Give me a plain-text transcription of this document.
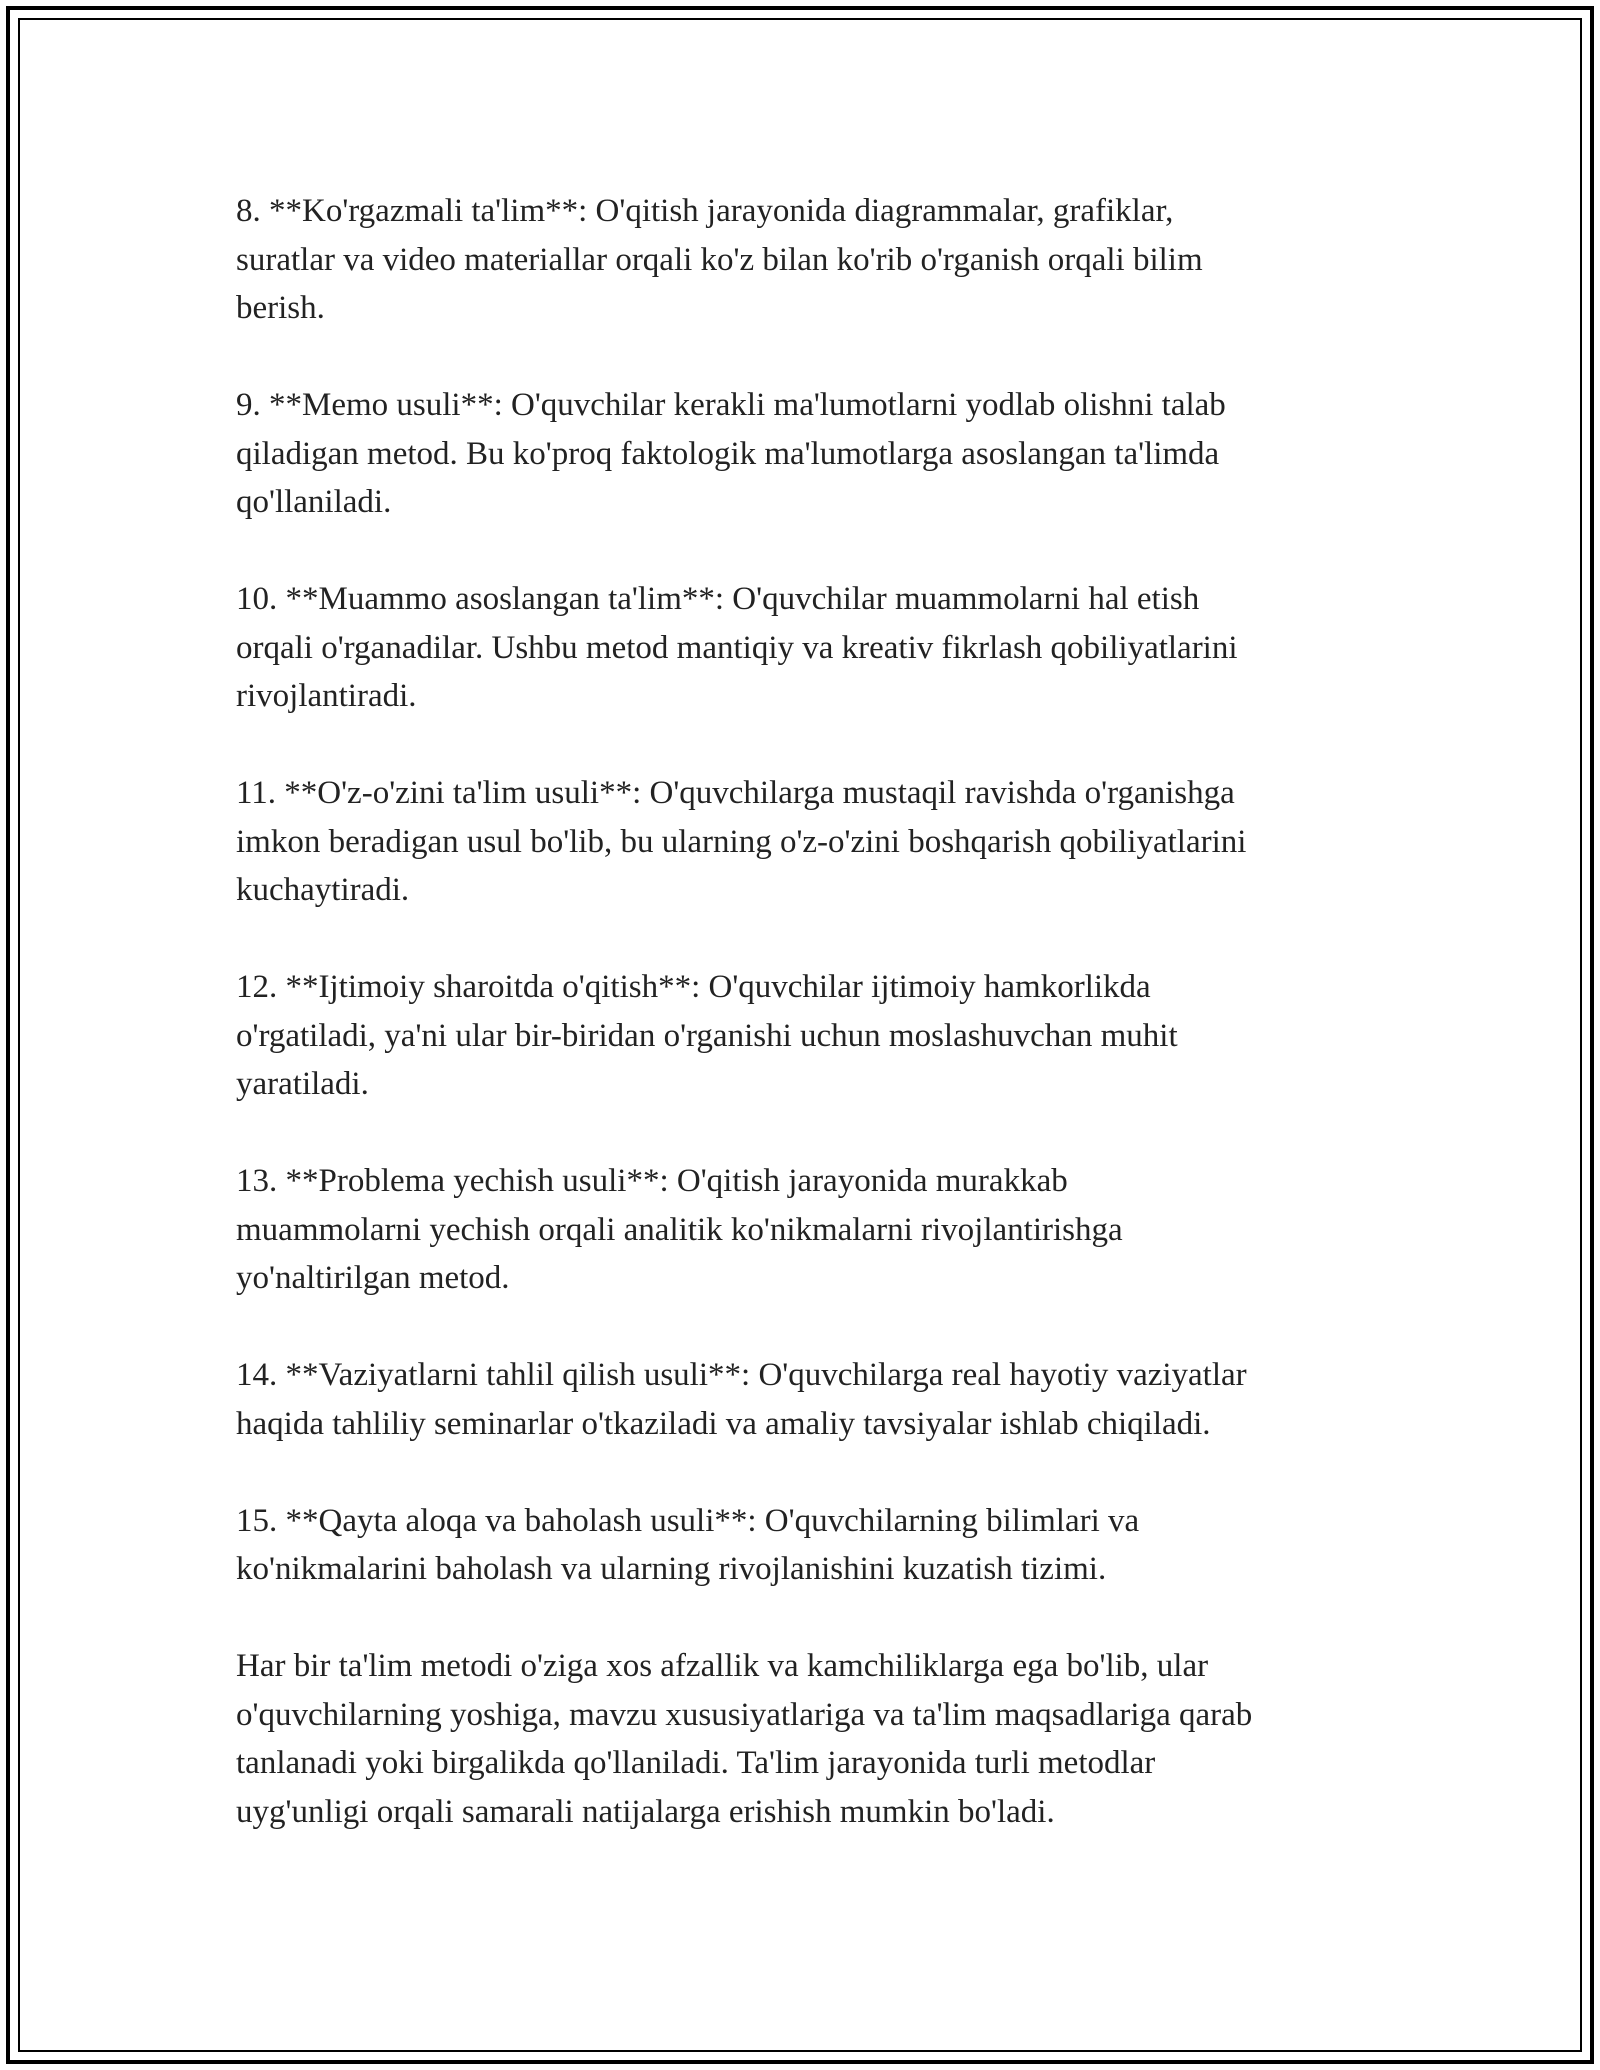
8. **Ko'rgazmali ta'lim**: O'qitish jarayonida diagrammalar, grafiklar,
suratlar va video materiallar orqali ko'z bilan ko'rib o'rganish orqali bilim
berish.

9. **Memo usuli**: O'quvchilar kerakli ma'lumotlarni yodlab olishni talab
qiladigan metod. Bu ko'proq faktologik ma'lumotlarga asoslangan ta'limda
qo'llaniladi.

10. **Muammo asoslangan ta'lim**: O'quvchilar muammolarni hal etish
orqali o'rganadilar. Ushbu metod mantiqiy va kreativ fikrlash qobiliyatlarini
rivojlantiradi.

11. **O'z-o'zini ta'lim usuli**: O'quvchilarga mustaqil ravishda o'rganishga
imkon beradigan usul bo'lib, bu ularning o'z-o'zini boshqarish qobiliyatlarini
kuchaytiradi.

12. **Ijtimoiy sharoitda o'qitish**: O'quvchilar ijtimoiy hamkorlikda
o'rgatiladi, ya'ni ular bir-biridan o'rganishi uchun moslashuvchan muhit
yaratiladi.

13. **Problema yechish usuli**: O'qitish jarayonida murakkab
muammolarni yechish orqali analitik ko'nikmalarni rivojlantirishga
yo'naltirilgan metod.

14. **Vaziyatlarni tahlil qilish usuli**: O'quvchilarga real hayotiy vaziyatlar
haqida tahliliy seminarlar o'tkaziladi va amaliy tavsiyalar ishlab chiqiladi.

15. **Qayta aloqa va baholash usuli**: O'quvchilarning bilimlari va
ko'nikmalarini baholash va ularning rivojlanishini kuzatish tizimi.

Har bir ta'lim metodi o'ziga xos afzallik va kamchiliklarga ega bo'lib, ular
o'quvchilarning yoshiga, mavzu xususiyatlariga va ta'lim maqsadlariga qarab
tanlanadi yoki birgalikda qo'llaniladi. Ta'lim jarayonida turli metodlar
uyg'unligi orqali samarali natijalarga erishish mumkin bo'ladi.
